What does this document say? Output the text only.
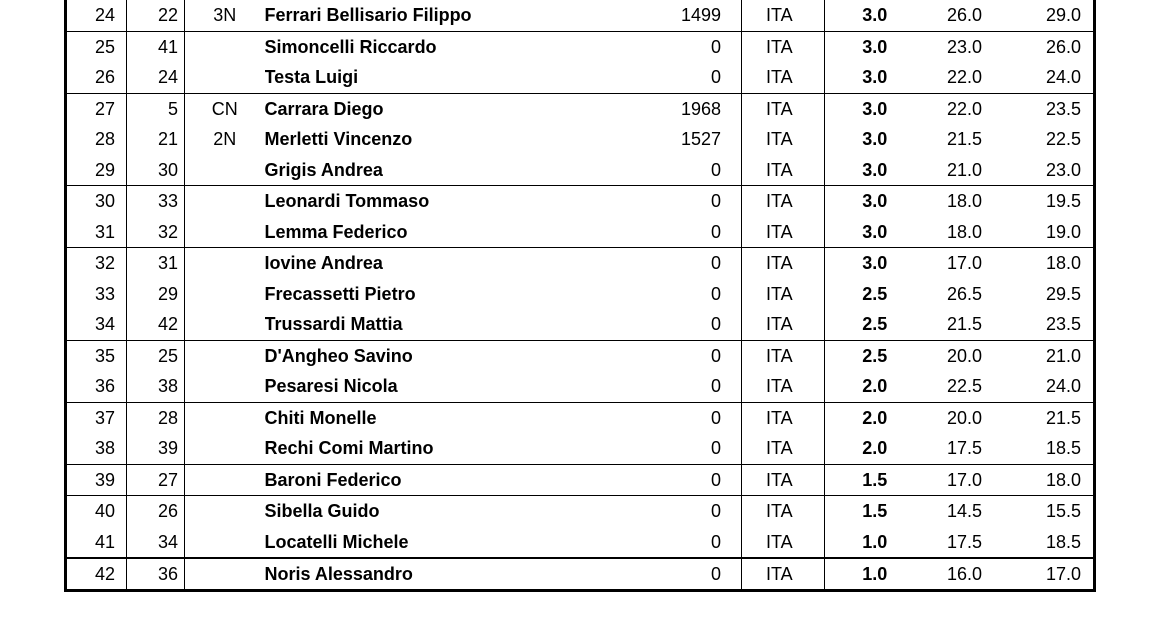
24	22	3N	Ferrari Bellisario Filippo	1499	ITA	3.0	26.0	29.0
25	41		Simoncelli Riccardo	0	ITA	3.0	23.0	26.0
26	24		Testa Luigi	0	ITA	3.0	22.0	24.0
27	5	CN	Carrara Diego	1968	ITA	3.0	22.0	23.5
28	21	2N	Merletti Vincenzo	1527	ITA	3.0	21.5	22.5
29	30		Grigis Andrea	0	ITA	3.0	21.0	23.0
30	33		Leonardi Tommaso	0	ITA	3.0	18.0	19.5
31	32		Lemma Federico	0	ITA	3.0	18.0	19.0
32	31		Iovine Andrea	0	ITA	3.0	17.0	18.0
33	29		Frecassetti Pietro	0	ITA	2.5	26.5	29.5
34	42		Trussardi Mattia	0	ITA	2.5	21.5	23.5
35	25		D'Angheo Savino	0	ITA	2.5	20.0	21.0
36	38		Pesaresi Nicola	0	ITA	2.0	22.5	24.0
37	28		Chiti Monelle	0	ITA	2.0	20.0	21.5
38	39		Rechi Comi Martino	0	ITA	2.0	17.5	18.5
39	27		Baroni Federico	0	ITA	1.5	17.0	18.0
40	26		Sibella Guido	0	ITA	1.5	14.5	15.5
41	34		Locatelli Michele	0	ITA	1.0	17.5	18.5
42	36		Noris Alessandro	0	ITA	1.0	16.0	17.0
